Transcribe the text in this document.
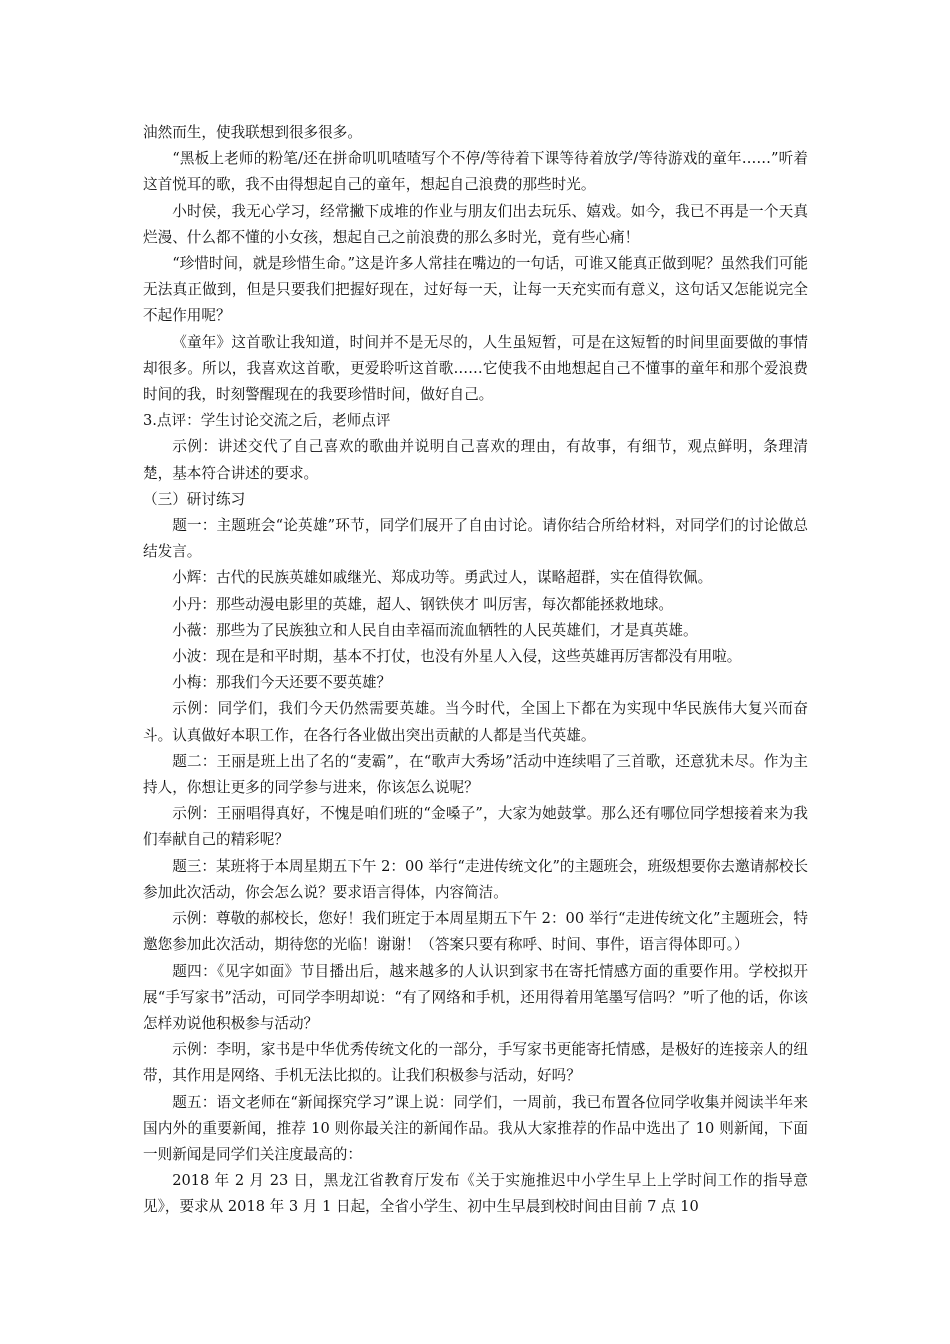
油然而生，使我联想到很多很多。

“黑板上老师的粉笔/还在拼命叽叽喳喳写个不停/等待着下课等待着放学/等待游戏的童年……”听着这首悦耳的歌，我不由得想起自己的童年，想起自己浪费的那些时光。

小时侯，我无心学习，经常撇下成堆的作业与朋友们出去玩乐、嬉戏。如今，我已不再是一个天真烂漫、什么都不懂的小女孩，想起自己之前浪费的那么多时光，竟有些心痛！

“珍惜时间，就是珍惜生命。”这是许多人常挂在嘴边的一句话，可谁又能真正做到呢？虽然我们可能无法真正做到，但是只要我们把握好现在，过好每一天，让每一天充实而有意义，这句话又怎能说完全不起作用呢？

《童年》这首歌让我知道，时间并不是无尽的，人生虽短暂，可是在这短暂的时间里面要做的事情却很多。所以，我喜欢这首歌，更爱聆听这首歌……它使我不由地想起自己不懂事的童年和那个爱浪费时间的我，时刻警醒现在的我要珍惜时间，做好自己。

3.点评：学生讨论交流之后，老师点评

示例：讲述交代了自己喜欢的歌曲并说明自己喜欢的理由，有故事，有细节，观点鲜明，条理清楚，基本符合讲述的要求。

（三）研讨练习

题一：主题班会“论英雄”环节，同学们展开了自由讨论。请你结合所给材料，对同学们的讨论做总结发言。

小辉：古代的民族英雄如戚继光、郑成功等。勇武过人，谋略超群，实在值得钦佩。

小丹：那些动漫电影里的英雄，超人、钢铁侠才 叫厉害，每次都能拯救地球。

小薇：那些为了民族独立和人民自由幸福而流血牺牲的人民英雄们，才是真英雄。

小波：现在是和平时期，基本不打仗，也没有外星人入侵，这些英雄再厉害都没有用啦。

小梅：那我们今天还要不要英雄？

示例：同学们，我们今天仍然需要英雄。当今时代，全国上下都在为实现中华民族伟大复兴而奋斗。认真做好本职工作，在各行各业做出突出贡献的人都是当代英雄。

题二：王丽是班上出了名的“麦霸”，在“歌声大秀场”活动中连续唱了三首歌，还意犹未尽。作为主持人，你想让更多的同学参与进来，你该怎么说呢？

示例：王丽唱得真好，不愧是咱们班的“金嗓子”，大家为她鼓掌。那么还有哪位同学想接着来为我们奉献自己的精彩呢？

题三：某班将于本周星期五下午 2：00 举行“走进传统文化”的主题班会，班级想要你去邀请郝校长参加此次活动，你会怎么说？要求语言得体，内容简洁。

示例：尊敬的郝校长，您好！我们班定于本周星期五下午 2：00 举行“走进传统文化”主题班会，特邀您参加此次活动，期待您的光临！谢谢！（答案只要有称呼、时间、事件，语言得体即可。）

题四：《见字如面》节目播出后，越来越多的人认识到家书在寄托情感方面的重要作用。学校拟开展“手写家书”活动，可同学李明却说：“有了网络和手机，还用得着用笔墨写信吗？”听了他的话，你该怎样劝说他积极参与活动？

示例：李明，家书是中华优秀传统文化的一部分，手写家书更能寄托情感，是极好的连接亲人的纽带，其作用是网络、手机无法比拟的。让我们积极参与活动，好吗？

题五：语文老师在“新闻探究学习”课上说：同学们，一周前，我已布置各位同学收集并阅读半年来国内外的重要新闻，推荐 10 则你最关注的新闻作品。我从大家推荐的作品中选出了 10 则新闻，下面一则新闻是同学们关注度最高的：

2018 年 2 月 23 日，黑龙江省教育厅发布《关于实施推迟中小学生早上上学时间工作的指导意见》，要求从 2018 年 3 月 1 日起，全省小学生、初中生早晨到校时间由目前 7 点 10
